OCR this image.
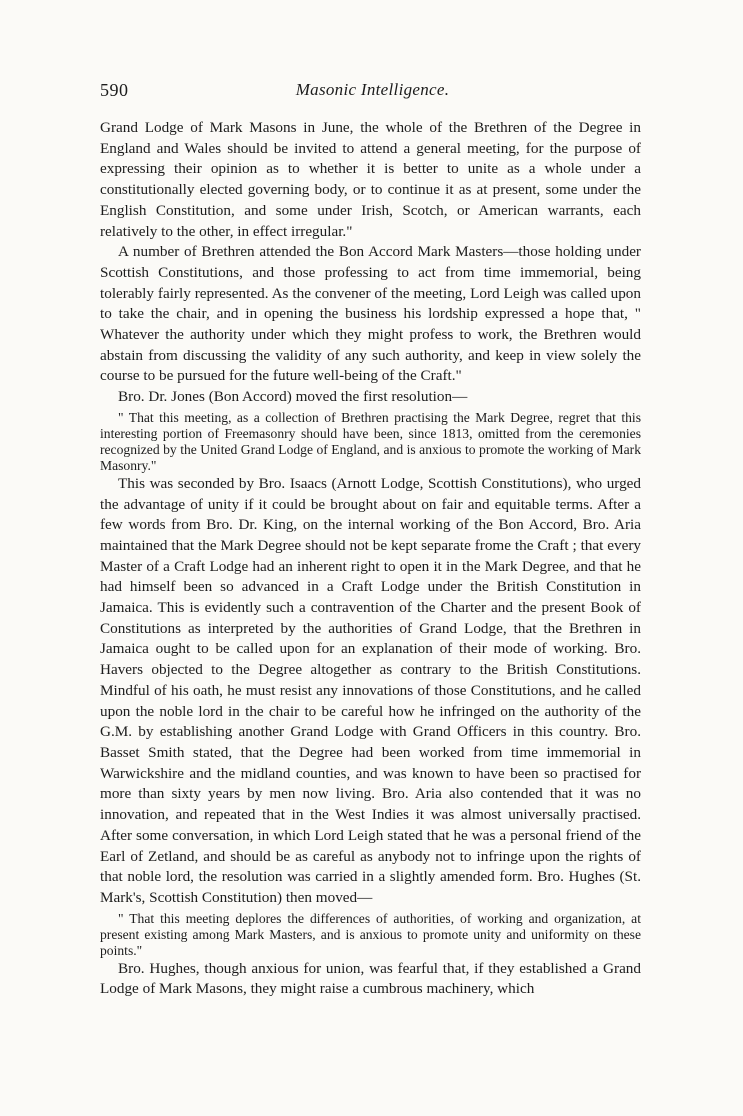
590	Masonic Intelligence.

Grand Lodge of Mark Masons in June, the whole of the Brethren of the Degree in England and Wales should be invited to attend a general meeting, for the purpose of expressing their opinion as to whether it is better to unite as a whole under a constitutionally elected governing body, or to continue it as at present, some under the English Constitution, and some under Irish, Scotch, or American warrants, each relatively to the other, in effect irregular."

A number of Brethren attended the Bon Accord Mark Masters—those holding under Scottish Constitutions, and those professing to act from time immemorial, being tolerably fairly represented. As the convener of the meeting, Lord Leigh was called upon to take the chair, and in opening the business his lordship expressed a hope that, " Whatever the authority under which they might profess to work, the Brethren would abstain from discussing the validity of any such authority, and keep in view solely the course to be pursued for the future well-being of the Craft."

Bro. Dr. Jones (Bon Accord) moved the first resolution—

" That this meeting, as a collection of Brethren practising the Mark Degree, regret that this interesting portion of Freemasonry should have been, since 1813, omitted from the ceremonies recognized by the United Grand Lodge of England, and is anxious to promote the working of Mark Masonry."

This was seconded by Bro. Isaacs (Arnott Lodge, Scottish Constitutions), who urged the advantage of unity if it could be brought about on fair and equitable terms. After a few words from Bro. Dr. King, on the internal working of the Bon Accord, Bro. Aria maintained that the Mark Degree should not be kept separate frome the Craft ; that every Master of a Craft Lodge had an inherent right to open it in the Mark Degree, and that he had himself been so advanced in a Craft Lodge under the British Constitution in Jamaica. This is evidently such a contravention of the Charter and the present Book of Constitutions as interpreted by the authorities of Grand Lodge, that the Brethren in Jamaica ought to be called upon for an explanation of their mode of working. Bro. Havers objected to the Degree altogether as contrary to the British Constitutions. Mindful of his oath, he must resist any innovations of those Constitutions, and he called upon the noble lord in the chair to be careful how he infringed on the authority of the G.M. by establishing another Grand Lodge with Grand Officers in this country. Bro. Basset Smith stated, that the Degree had been worked from time immemorial in Warwickshire and the midland counties, and was known to have been so practised for more than sixty years by men now living. Bro. Aria also contended that it was no innovation, and repeated that in the West Indies it was almost universally practised. After some conversation, in which Lord Leigh stated that he was a personal friend of the Earl of Zetland, and should be as careful as anybody not to infringe upon the rights of that noble lord, the resolution was carried in a slightly amended form. Bro. Hughes (St. Mark's, Scottish Constitution) then moved—

" That this meeting deplores the differences of authorities, of working and organization, at present existing among Mark Masters, and is anxious to promote unity and uniformity on these points."

Bro. Hughes, though anxious for union, was fearful that, if they established a Grand Lodge of Mark Masons, they might raise a cumbrous machinery, which
